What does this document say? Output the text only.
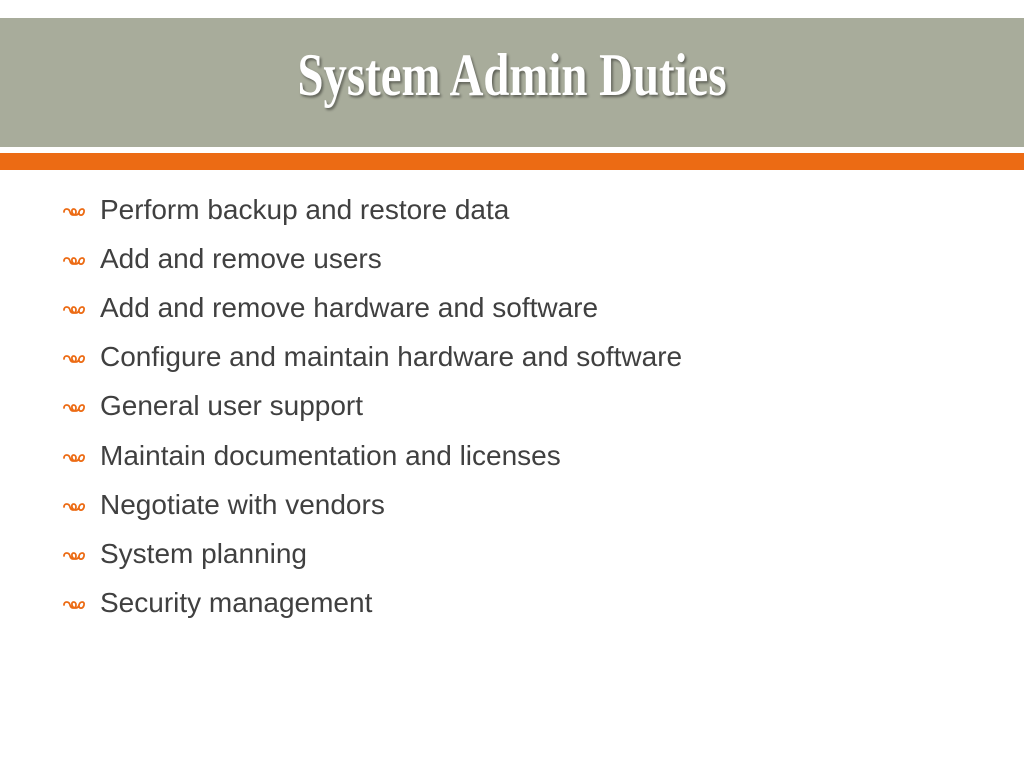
System Admin Duties
Perform backup and restore data
Add and remove users
Add and remove hardware and software
Configure and maintain hardware and software
General user support
Maintain documentation and licenses
Negotiate with vendors
System planning
Security management
